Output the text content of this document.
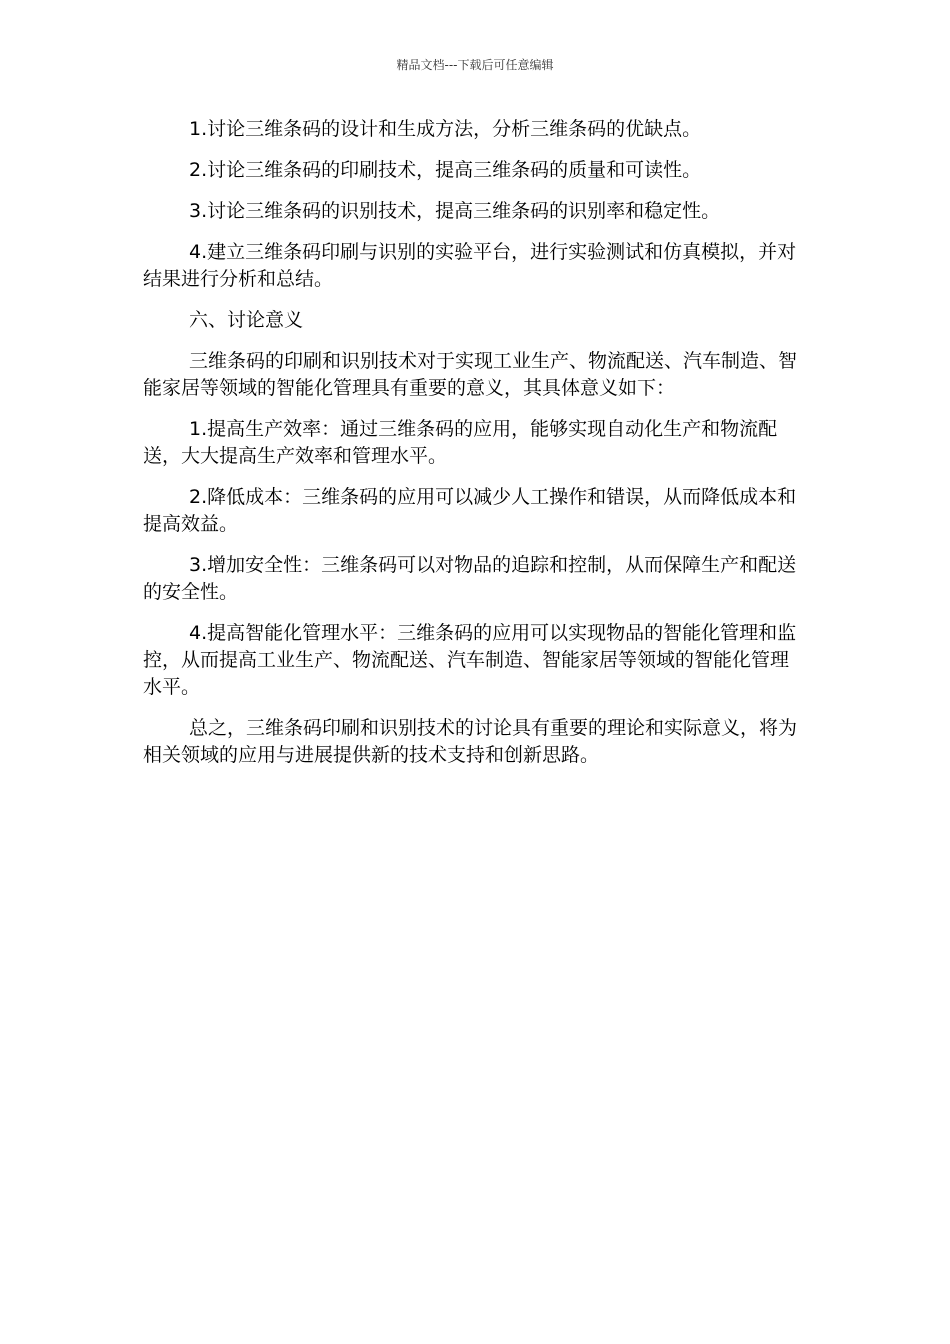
精品文档---下载后可任意编辑

1.讨论三维条码的设计和生成方法，分析三维条码的优缺点。

2.讨论三维条码的印刷技术，提高三维条码的质量和可读性。

3.讨论三维条码的识别技术，提高三维条码的识别率和稳定性。

4.建立三维条码印刷与识别的实验平台，进行实验测试和仿真模拟，并对结果进行分析和总结。

六、讨论意义

三维条码的印刷和识别技术对于实现工业生产、物流配送、汽车制造、智能家居等领域的智能化管理具有重要的意义，其具体意义如下：

1.提高生产效率：通过三维条码的应用，能够实现自动化生产和物流配送，大大提高生产效率和管理水平。

2.降低成本：三维条码的应用可以减少人工操作和错误，从而降低成本和提高效益。

3.增加安全性：三维条码可以对物品的追踪和控制，从而保障生产和配送的安全性。

4.提高智能化管理水平：三维条码的应用可以实现物品的智能化管理和监控，从而提高工业生产、物流配送、汽车制造、智能家居等领域的智能化管理水平。

总之，三维条码印刷和识别技术的讨论具有重要的理论和实际意义，将为相关领域的应用与进展提供新的技术支持和创新思路。
